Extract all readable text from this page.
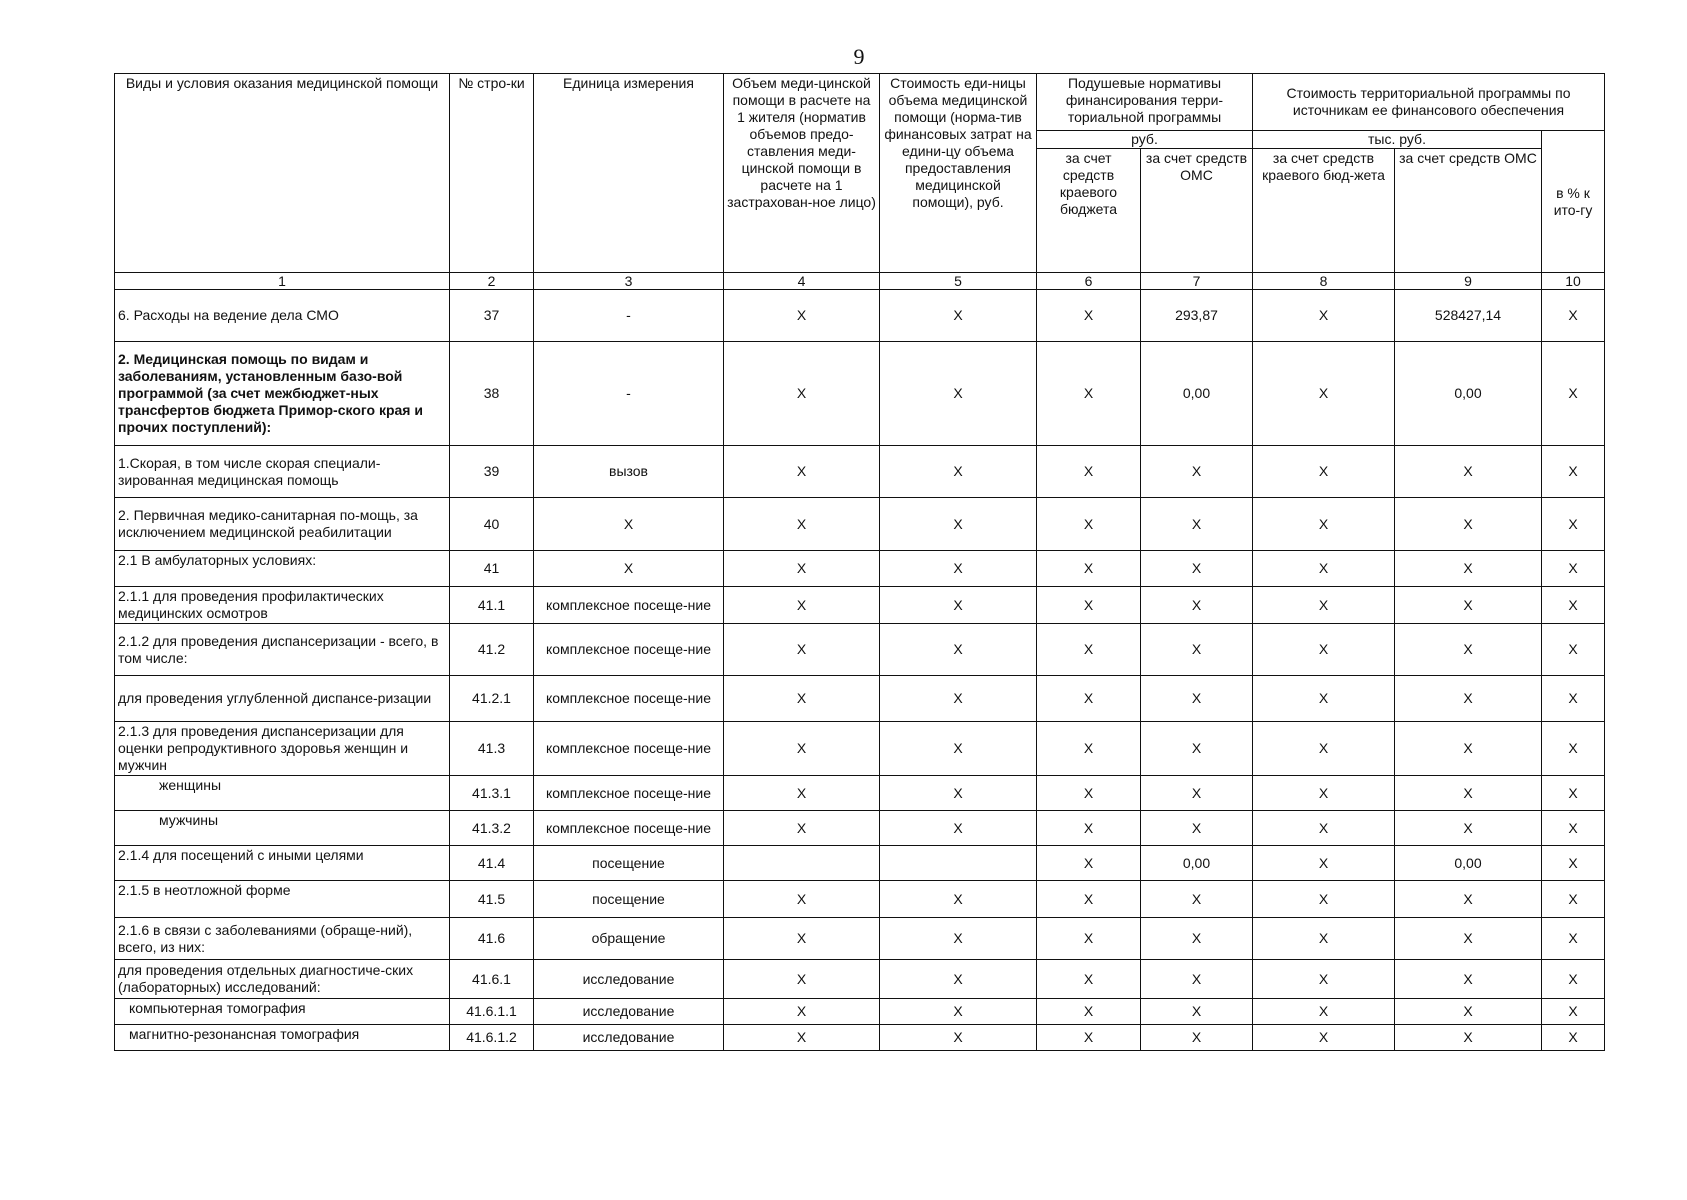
9
Виды и условия оказания медицинской помощи	№ стро-ки	Единица измерения	Объем меди-цинской помощи в расчете на 1 жителя (норматив объемов предо-ставления меди-цинской помощи в расчете на 1 застрахован-ное лицо)	Стоимость еди-ницы объема медицинской помощи (норма-тив финансовых затрат на едини-цу объема предоставления медицинской помощи), руб.	Подушевые нормативы финансирования терри-ториальной программы		Стоимость территориальной программы по источникам ее финансового обеспечения		
					руб.		тыс. руб.		в % к ито-гу
					за счет средств краевого бюджета	за счет средств ОМС	за счет средств краевого бюд-жета	за счет средств ОМС	
1	2	3	4	5	6	7	8	9	10
6. Расходы на ведение дела СМО	37	-	X	X	X	293,87	X	528427,14	X
2. Медицинская помощь по видам и заболеваниям, установленным базо-вой программой (за счет межбюджет-ных трансфертов бюджета Примор-ского края и прочих поступлений):	38	-	X	X	X	0,00	X	0,00	X
1.Скорая, в том числе скорая специали-зированная медицинская помощь	39	вызов	X	X	X	X	X	X	X
2. Первичная медико-санитарная по-мощь, за исключением медицинской реабилитации	40	X	X	X	X	X	X	X	X
2.1 В амбулаторных условиях:	41	X	X	X	X	X	X	X	X
2.1.1 для проведения профилактических медицинских осмотров	41.1	комплексное посеще-ние	X	X	X	X	X	X	X
2.1.2 для проведения диспансеризации - всего, в том числе:	41.2	комплексное посеще-ние	X	X	X	X	X	X	X
для проведения углубленной диспансе-ризации	41.2.1	комплексное посеще-ние	X	X	X	X	X	X	X
2.1.3 для проведения диспансеризации для оценки репродуктивного здоровья женщин и мужчин	41.3	комплексное посеще-ние	X	X	X	X	X	X	X
женщины	41.3.1	комплексное посеще-ние	X	X	X	X	X	X	X
мужчины	41.3.2	комплексное посеще-ние	X	X	X	X	X	X	X
2.1.4 для посещений с иными целями	41.4	посещение			X	0,00	X	0,00	X
2.1.5 в неотложной форме	41.5	посещение	X	X	X	X	X	X	X
2.1.6 в связи с заболеваниями (обраще-ний), всего, из них:	41.6	обращение	X	X	X	X	X	X	X
для проведения отдельных диагностиче-ских (лабораторных) исследований:	41.6.1	исследование	X	X	X	X	X	X	X
компьютерная томография	41.6.1.1	исследование	X	X	X	X	X	X	X
магнитно-резонансная томография	41.6.1.2	исследование	X	X	X	X	X	X	X
